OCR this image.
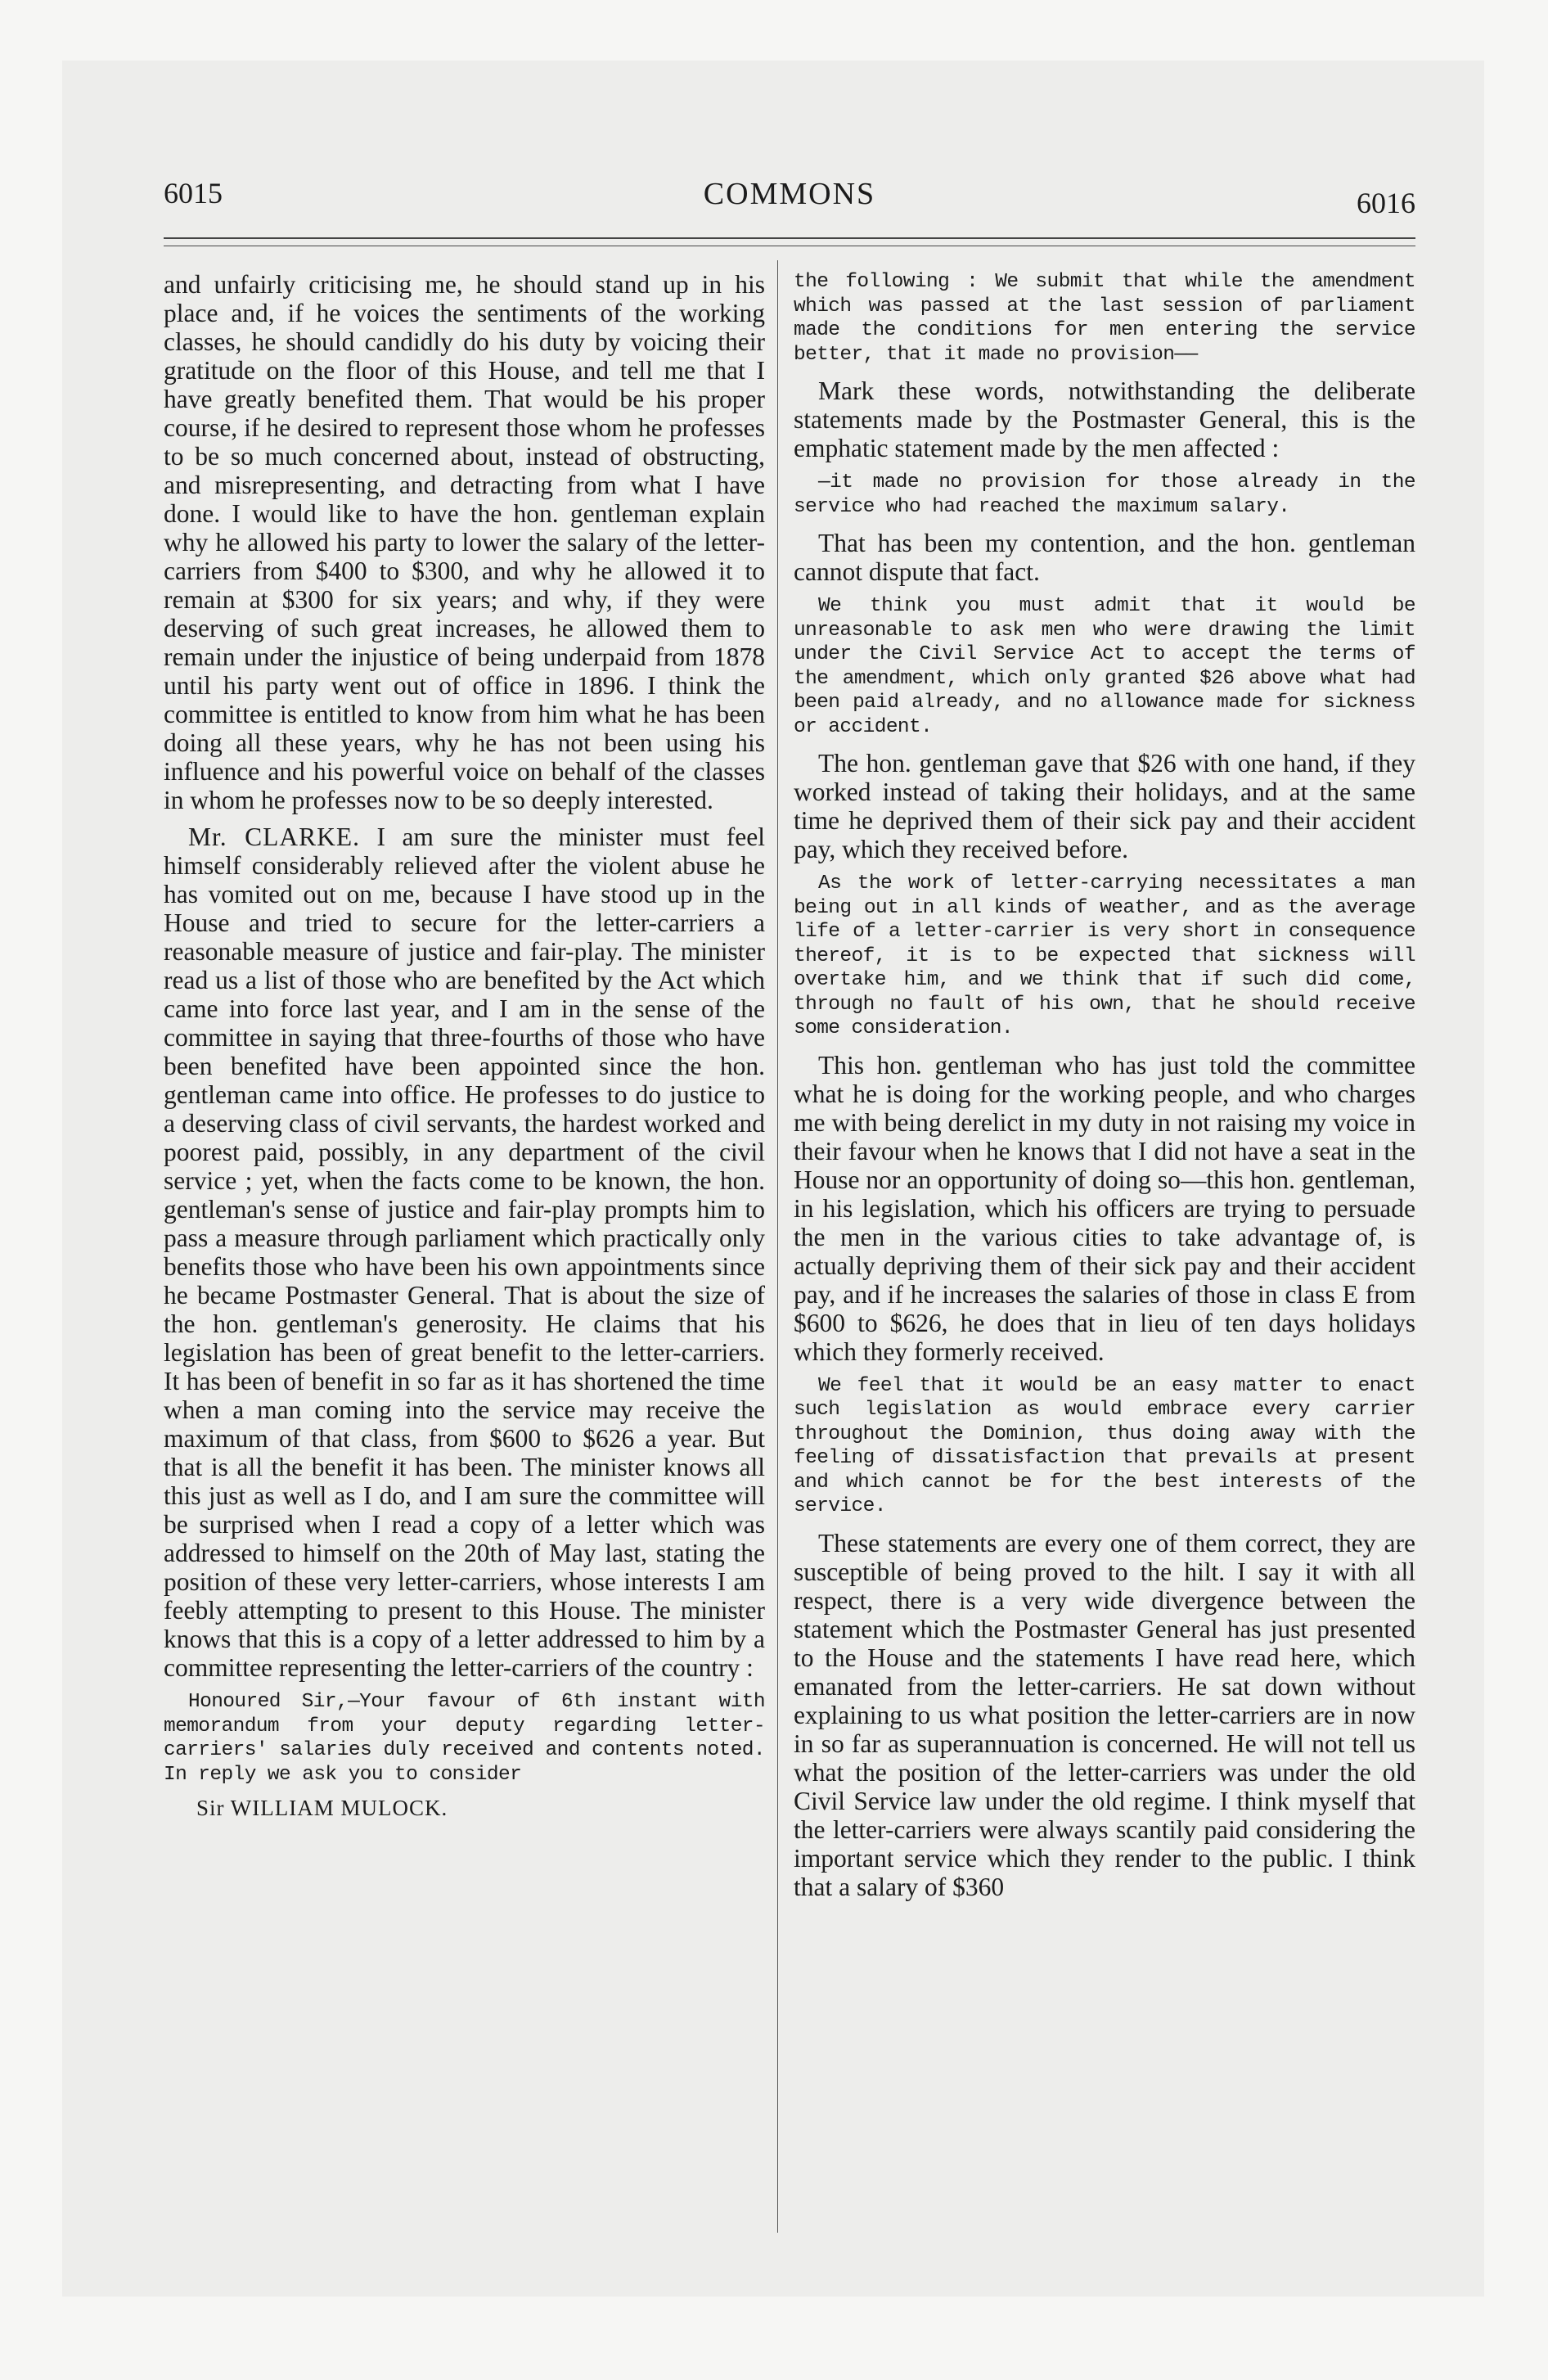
6015	COMMONS	6016

and unfairly criticising me, he should stand up in his place and, if he voices the sentiments of the working classes, he should candidly do his duty by voicing their gratitude on the floor of this House, and tell me that I have greatly benefited them. That would be his proper course, if he desired to represent those whom he professes to be so much concerned about, instead of obstructing, and misrepresenting, and detracting from what I have done. I would like to have the hon. gentleman explain why he allowed his party to lower the salary of the letter-carriers from $400 to $300, and why he allowed it to remain at $300 for six years; and why, if they were deserving of such great increases, he allowed them to remain under the injustice of being underpaid from 1878 until his party went out of office in 1896. I think the committee is entitled to know from him what he has been doing all these years, why he has not been using his influence and his powerful voice on behalf of the classes in whom he professes now to be so deeply interested.

Mr. CLARKE. I am sure the minister must feel himself considerably relieved after the violent abuse he has vomited out on me, because I have stood up in the House and tried to secure for the letter-carriers a reasonable measure of justice and fair-play. The minister read us a list of those who are benefited by the Act which came into force last year, and I am in the sense of the committee in saying that three-fourths of those who have been benefited have been appointed since the hon. gentleman came into office. He professes to do justice to a deserving class of civil servants, the hardest worked and poorest paid, possibly, in any department of the civil service ; yet, when the facts come to be known, the hon. gentleman's sense of justice and fair-play prompts him to pass a measure through parliament which practically only benefits those who have been his own appointments since he became Postmaster General. That is about the size of the hon. gentleman's generosity. He claims that his legislation has been of great benefit to the letter-carriers. It has been of benefit in so far as it has shortened the time when a man coming into the service may receive the maximum of that class, from $600 to $626 a year. But that is all the benefit it has been. The minister knows all this just as well as I do, and I am sure the committee will be surprised when I read a copy of a letter which was addressed to himself on the 20th of May last, stating the position of these very letter-carriers, whose interests I am feebly attempting to present to this House. The minister knows that this is a copy of a letter addressed to him by a committee representing the letter-carriers of the country :

Honoured Sir,—Your favour of 6th instant with memorandum from your deputy regarding letter-carriers' salaries duly received and contents noted. In reply we ask you to consider

Sir WILLIAM MULOCK.

the following : We submit that while the amendment which was passed at the last session of parliament made the conditions for men entering the service better, that it made no provision——

Mark these words, notwithstanding the deliberate statements made by the Postmaster General, this is the emphatic statement made by the men affected :

—it made no provision for those already in the service who had reached the maximum salary.

That has been my contention, and the hon. gentleman cannot dispute that fact.

We think you must admit that it would be unreasonable to ask men who were drawing the limit under the Civil Service Act to accept the terms of the amendment, which only granted $26 above what had been paid already, and no allowance made for sickness or accident.

The hon. gentleman gave that $26 with one hand, if they worked instead of taking their holidays, and at the same time he deprived them of their sick pay and their accident pay, which they received before.

As the work of letter-carrying necessitates a man being out in all kinds of weather, and as the average life of a letter-carrier is very short in consequence thereof, it is to be expected that sickness will overtake him, and we think that if such did come, through no fault of his own, that he should receive some consideration.

This hon. gentleman who has just told the committee what he is doing for the working people, and who charges me with being derelict in my duty in not raising my voice in their favour when he knows that I did not have a seat in the House nor an opportunity of doing so—this hon. gentleman, in his legislation, which his officers are trying to persuade the men in the various cities to take advantage of, is actually depriving them of their sick pay and their accident pay, and if he increases the salaries of those in class E from $600 to $626, he does that in lieu of ten days holidays which they formerly received.

We feel that it would be an easy matter to enact such legislation as would embrace every carrier throughout the Dominion, thus doing away with the feeling of dissatisfaction that prevails at present and which cannot be for the best interests of the service.

These statements are every one of them correct, they are susceptible of being proved to the hilt. I say it with all respect, there is a very wide divergence between the statement which the Postmaster General has just presented to the House and the statements I have read here, which emanated from the letter-carriers. He sat down without explaining to us what position the letter-carriers are in now in so far as superannuation is concerned. He will not tell us what the position of the letter-carriers was under the old Civil Service law under the old regime. I think myself that the letter-carriers were always scantily paid considering the important service which they render to the public. I think that a salary of $360
